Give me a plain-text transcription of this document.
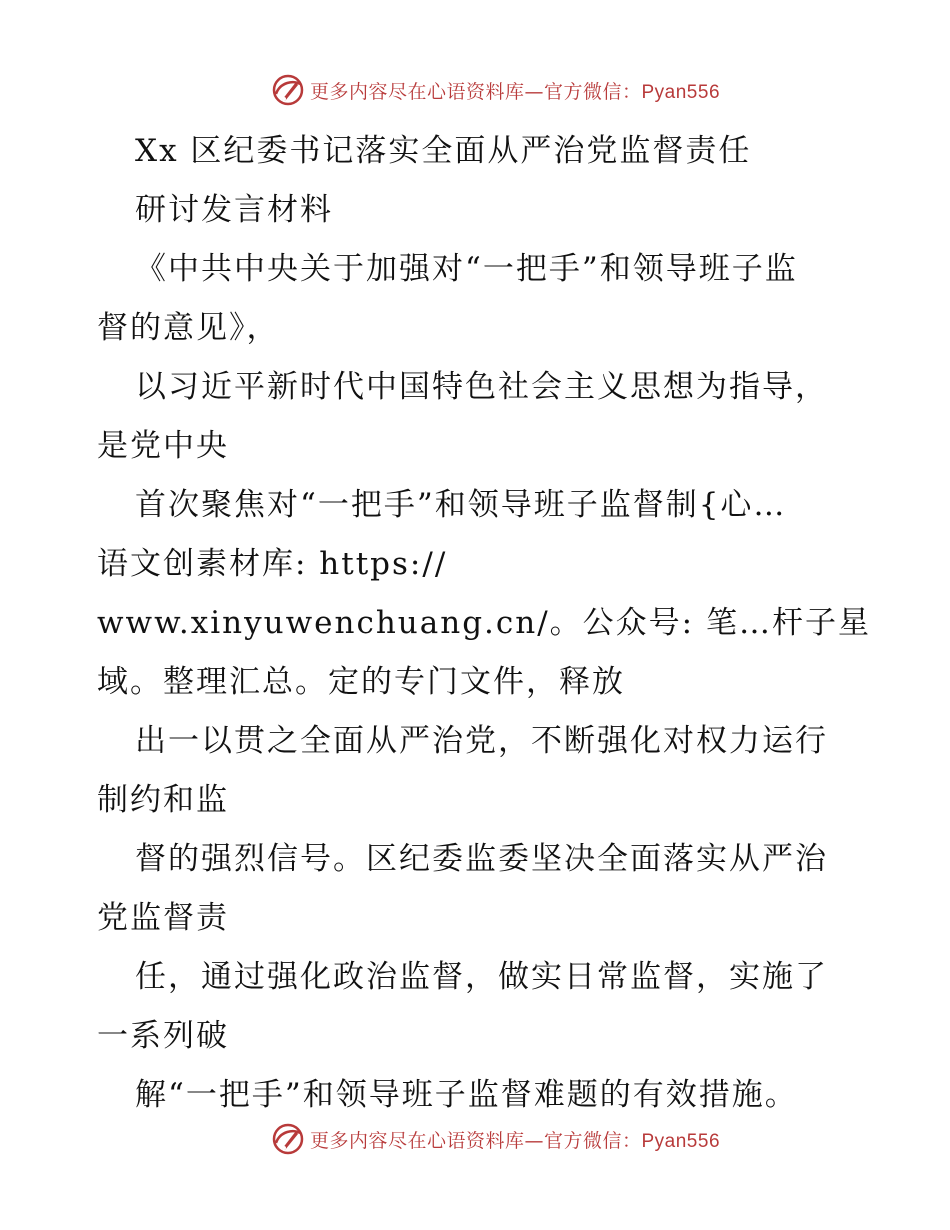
更多内容尽在心语资料库—官方微信：Pyan556
Xx 区纪委书记落实全面从严治党监督责任
研讨发言材料
《中共中央关于加强对“一把手”和领导班子监
督的意见》，
以习近平新时代中国特色社会主义思想为指导，
是党中央
首次聚焦对“一把手”和领导班子监督制{心…
语文创素材库: https://
www.xinyuwenchuang.cn/。公众号: 笔…杆子星
域。整理汇总。定的专门文件，释放
出一以贯之全面从严治党，不断强化对权力运行
制约和监
督的强烈信号。区纪委监委坚决全面落实从严治
党监督责
任，通过强化政治监督，做实日常监督，实施了
一系列破
解“一把手”和领导班子监督难题的有效措施。
更多内容尽在心语资料库—官方微信：Pyan556
